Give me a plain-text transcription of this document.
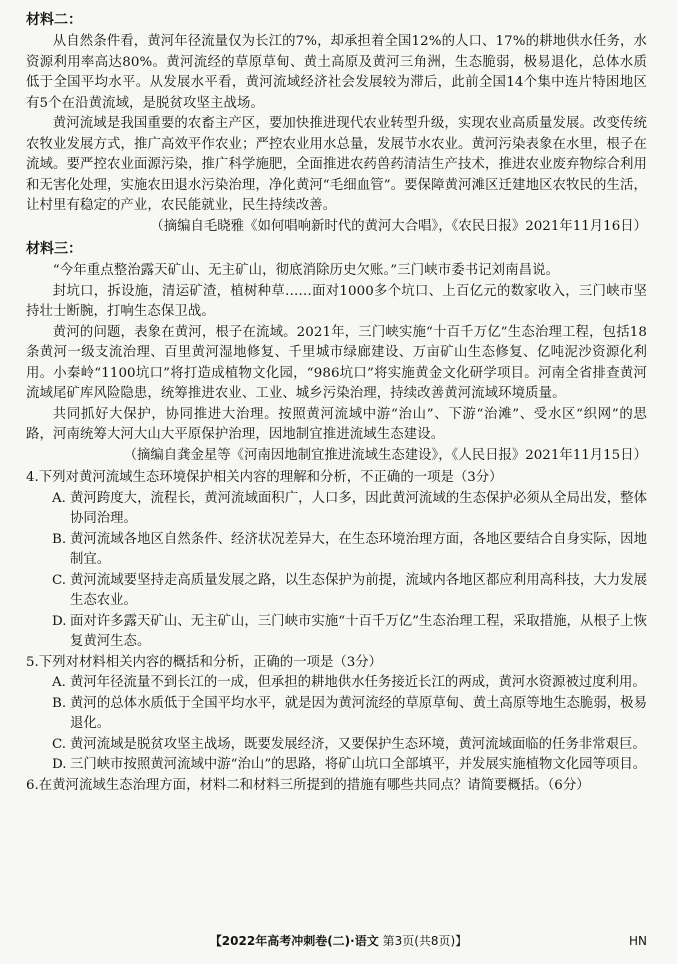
材料二：

从自然条件看，黄河年径流量仅为长江的7%，却承担着全国12%的人口、17%的耕地供水任务，水资源利用率高达80%。黄河流经的草原草甸、黄土高原及黄河三角洲，生态脆弱，极易退化，总体水质低于全国平均水平。从发展水平看，黄河流域经济社会发展较为滞后，此前全国14个集中连片特困地区有5个在沿黄流域，是脱贫攻坚主战场。

黄河流域是我国重要的农畜主产区，要加快推进现代农业转型升级，实现农业高质量发展。改变传统农牧业发展方式，推广高效平作农业；严控农业用水总量，发展节水农业。黄河污染表象在水里，根子在流域。要严控农业面源污染，推广科学施肥，全面推进农药兽药清洁生产技术，推进农业废弃物综合利用和无害化处理，实施农田退水污染治理，净化黄河“毛细血管”。要保障黄河滩区迁建地区农牧民的生活，让村里有稳定的产业，农民能就业，民生持续改善。

（摘编自毛晓雅《如何唱响新时代的黄河大合唱》，《农民日报》2021年11月16日）

材料三：

“今年重点整治露天矿山、无主矿山，彻底消除历史欠账。”三门峡市委书记刘南昌说。

封坑口，拆设施，清运矿渣，植树种草……面对1000多个坑口、上百亿元的数家收入，三门峡市坚持壮士断腕，打响生态保卫战。

黄河的问题，表象在黄河，根子在流域。2021年，三门峡实施“十百千万亿”生态治理工程，包括18条黄河一级支流治理、百里黄河湿地修复、千里城市绿廊建设、万亩矿山生态修复、亿吨泥沙资源化利用。小秦岭“1100坑口”将打造成植物文化园，“986坑口”将实施黄金文化研学项目。河南全省排查黄河流域尾矿库风险隐患，统筹推进农业、工业、城乡污染治理，持续改善黄河流域环境质量。

共同抓好大保护，协同推进大治理。按照黄河流域中游“治山”、下游“治滩”、受水区“织网”的思路，河南统筹大河大山大平原保护治理，因地制宜推进流域生态建设。

（摘编自龚金星等《河南因地制宜推进流域生态建设》，《人民日报》2021年11月15日）

4.下列对黄河流域生态环境保护相关内容的理解和分析，不正确的一项是（3分）

A. 黄河跨度大，流程长，黄河流域面积广，人口多，因此黄河流域的生态保护必须从全局出发，整体协同治理。
B. 黄河流域各地区自然条件、经济状况差异大，在生态环境治理方面，各地区要结合自身实际，因地制宜。
C. 黄河流域要坚持走高质量发展之路，以生态保护为前提，流域内各地区都应利用高科技，大力发展生态农业。
D. 面对许多露天矿山、无主矿山，三门峡市实施“十百千万亿”生态治理工程，采取措施，从根子上恢复黄河生态。

5.下列对材料相关内容的概括和分析，正确的一项是（3分）

A. 黄河年径流量不到长江的一成，但承担的耕地供水任务接近长江的两成，黄河水资源被过度利用。
B. 黄河的总体水质低于全国平均水平，就是因为黄河流经的草原草甸、黄土高原等地生态脆弱，极易退化。
C. 黄河流域是脱贫攻坚主战场，既要发展经济，又要保护生态环境，黄河流域面临的任务非常艰巨。
D. 三门峡市按照黄河流域中游“治山”的思路，将矿山坑口全部填平，并发展实施植物文化园等项目。

6.在黄河流域生态治理方面，材料二和材料三所提到的措施有哪些共同点？请简要概括。（6分）

【2022年高考冲刺卷(二)·语文 第3页(共8页)】	HN
